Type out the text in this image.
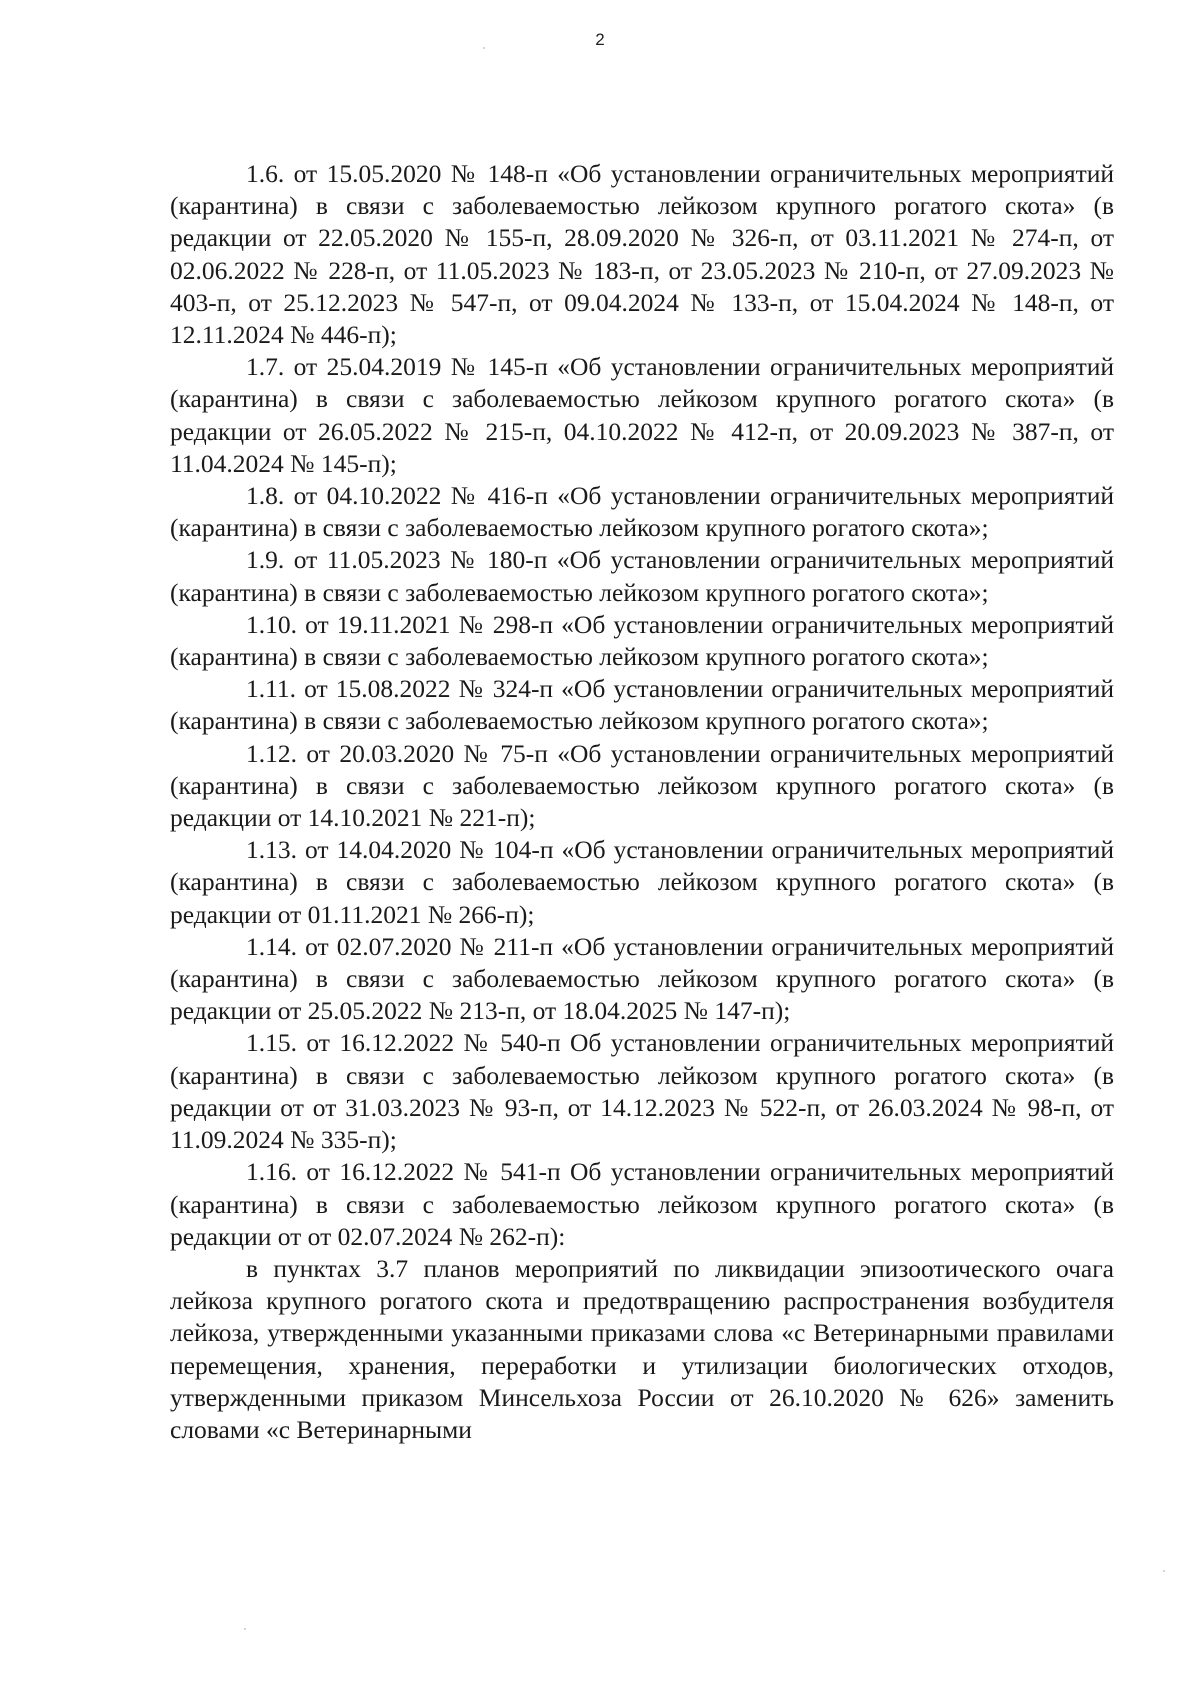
2

1.6. от 15.05.2020 № 148-п «Об установлении ограничительных мероприятий (карантина) в связи с заболеваемостью лейкозом крупного рогатого скота» (в редакции от 22.05.2020 № 155-п, 28.09.2020 № 326-п, от 03.11.2021 № 274-п, от 02.06.2022 № 228-п, от 11.05.2023 № 183-п, от 23.05.2023 № 210-п, от 27.09.2023 № 403-п, от 25.12.2023 № 547-п, от 09.04.2024 № 133-п, от 15.04.2024 № 148-п, от 12.11.2024 № 446-п);

1.7. от 25.04.2019 № 145-п «Об установлении ограничительных мероприятий (карантина) в связи с заболеваемостью лейкозом крупного рогатого скота» (в редакции от 26.05.2022 № 215-п, 04.10.2022 № 412-п, от 20.09.2023 № 387-п, от 11.04.2024 № 145-п);

1.8. от 04.10.2022 № 416-п «Об установлении ограничительных мероприятий (карантина) в связи с заболеваемостью лейкозом крупного рогатого скота»;

1.9. от 11.05.2023 № 180-п «Об установлении ограничительных мероприятий (карантина) в связи с заболеваемостью лейкозом крупного рогатого скота»;

1.10. от 19.11.2021 № 298-п «Об установлении ограничительных мероприятий (карантина) в связи с заболеваемостью лейкозом крупного рогатого скота»;

1.11. от 15.08.2022 № 324-п «Об установлении ограничительных мероприятий (карантина) в связи с заболеваемостью лейкозом крупного рогатого скота»;

1.12. от 20.03.2020 № 75-п «Об установлении ограничительных мероприятий (карантина) в связи с заболеваемостью лейкозом крупного рогатого скота» (в редакции от 14.10.2021 № 221-п);

1.13. от 14.04.2020 № 104-п «Об установлении ограничительных мероприятий (карантина) в связи с заболеваемостью лейкозом крупного рогатого скота» (в редакции от 01.11.2021 № 266-п);

1.14. от 02.07.2020 № 211-п «Об установлении ограничительных мероприятий (карантина) в связи с заболеваемостью лейкозом крупного рогатого скота» (в редакции от 25.05.2022 № 213-п, от 18.04.2025 № 147-п);

1.15. от 16.12.2022 № 540-п Об установлении ограничительных мероприятий (карантина) в связи с заболеваемостью лейкозом крупного рогатого скота» (в редакции от от 31.03.2023 № 93-п, от 14.12.2023 № 522-п, от 26.03.2024 № 98-п, от 11.09.2024 № 335-п);

1.16. от 16.12.2022 № 541-п Об установлении ограничительных мероприятий (карантина) в связи с заболеваемостью лейкозом крупного рогатого скота» (в редакции от от 02.07.2024 № 262-п):

в пунктах 3.7 планов мероприятий по ликвидации эпизоотического очага лейкоза крупного рогатого скота и предотвращению распространения возбудителя лейкоза, утвержденными указанными приказами слова «с Ветеринарными правилами перемещения, хранения, переработки и утилизации биологических отходов, утвержденными приказом Минсельхоза России от 26.10.2020 № 626» заменить словами «с Ветеринарными
